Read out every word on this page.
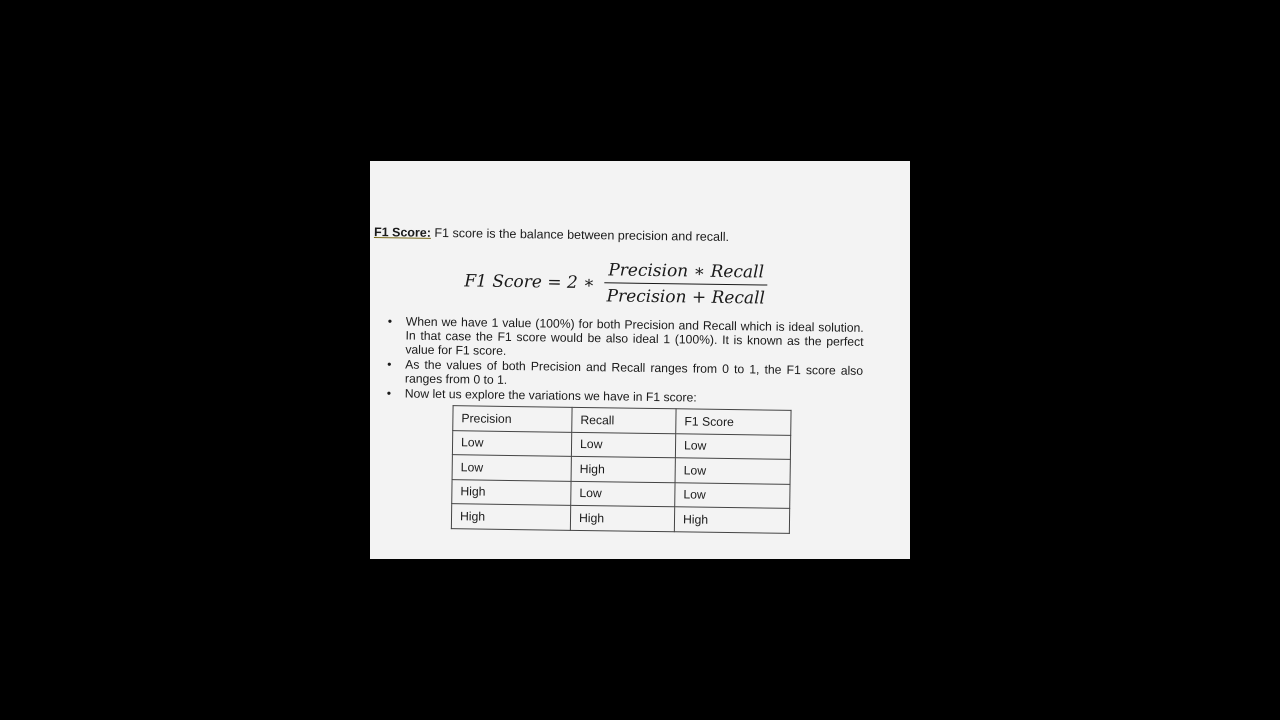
F1 Score: F1 score is the balance between precision and recall.
F1 Score = 2 ∗ $\frac{\text{Precision ∗ Recall}}{\text{Precision + Recall}}$
• When we have 1 value (100%) for both Precision and Recall which is ideal solution. In that case the F1 score would be also ideal 1 (100%). It is known as the perfect value for F1 score.
• As the values of both Precision and Recall ranges from 0 to 1, the F1 score also ranges from 0 to 1.
• Now let us explore the variations we have in F1 score:
Precision	Recall	F1 Score
Low	Low	Low
Low	High	Low
High	Low	Low
High	High	High
